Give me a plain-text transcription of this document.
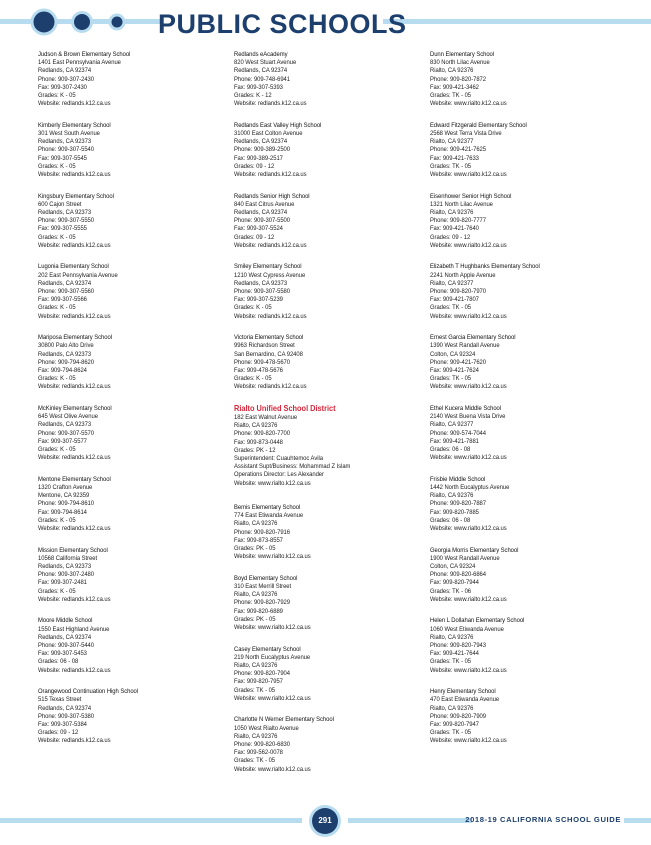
PUBLIC SCHOOLS
Judson & Brown Elementary School
1401 East Pennsylvania Avenue
Redlands, CA 92374
Phone: 909-307-2430
Fax: 909-307-2430
Grades: K - 05
Website: redlands.k12.ca.us
Kimberly Elementary School
301 West South Avenue
Redlands, CA 92373
Phone: 909-307-5540
Fax: 909-307-5545
Grades: K - 05
Website: redlands.k12.ca.us
Kingsbury Elementary School
600 Cajon Street
Redlands, CA 92373
Phone: 909-307-5550
Fax: 909-307-5555
Grades: K - 05
Website: redlands.k12.ca.us
Lugonia Elementary School
202 East Pennsylvania Avenue
Redlands, CA 92374
Phone: 909-307-5560
Fax: 909-307-5566
Grades: K - 05
Website: redlands.k12.ca.us
Mariposa Elementary School
30800 Palo Alto Drive
Redlands, CA 92373
Phone: 909-794-8620
Fax: 909-794-8624
Grades: K - 05
Website: redlands.k12.ca.us
McKinley Elementary School
645 West Olive Avenue
Redlands, CA 92373
Phone: 909-307-5570
Fax: 909-307-5577
Grades: K - 05
Website: redlands.k12.ca.us
Mentone Elementary School
1320 Crafton Avenue
Mentone, CA 92359
Phone: 909-794-8610
Fax: 909-794-8614
Grades: K - 05
Website: redlands.k12.ca.us
Mission Elementary School
10568 California Street
Redlands, CA 92373
Phone: 909-307-2480
Fax: 909-307-2481
Grades: K - 05
Website: redlands.k12.ca.us
Moore Middle School
1550 East Highland Avenue
Redlands, CA 92374
Phone: 909-307-5440
Fax: 909-307-5453
Grades: 06 - 08
Website: redlands.k12.ca.us
Orangewood Continuation High School
515 Texas Street
Redlands, CA 92374
Phone: 909-307-5380
Fax: 909-307-5384
Grades: 09 - 12
Website: redlands.k12.ca.us
Redlands eAcademy
820 West Stuart Avenue
Redlands, CA 92374
Phone: 909-748-6941
Fax: 909-307-5393
Grades: K - 12
Website: redlands.k12.ca.us
Redlands East Valley High School
31000 East Colton Avenue
Redlands, CA 92374
Phone: 909-389-2500
Fax: 909-389-2517
Grades: 09 - 12
Website: redlands.k12.ca.us
Redlands Senior High School
840 East Citrus Avenue
Redlands, CA 92374
Phone: 909-307-5500
Fax: 909-307-5524
Grades: 09 - 12
Website: redlands.k12.ca.us
Smiley Elementary School
1210 West Cypress Avenue
Redlands, CA 92373
Phone: 909-307-5580
Fax: 909-307-5239
Grades: K - 05
Website: redlands.k12.ca.us
Victoria Elementary School
9963 Richardson Street
San Bernardino, CA 92408
Phone: 909-478-5670
Fax: 909-478-5676
Grades: K - 05
Website: redlands.k12.ca.us
Rialto Unified School District
182 East Walnut Avenue
Rialto, CA 92376
Phone: 909-820-7700
Fax: 909-873-0448
Grades: PK - 12
Superintendent: Cuauhtemoc Avila
Assistant Supt/Business: Mohammad Z Islam
Operations Director: Les Alexander
Website: www.rialto.k12.ca.us
Bemis Elementary School
774 East Etiwanda Avenue
Rialto, CA 92376
Phone: 909-820-7916
Fax: 909-873-8557
Grades: PK - 05
Website: www.rialto.k12.ca.us
Boyd Elementary School
310 East Merrill Street
Rialto, CA 92376
Phone: 909-820-7929
Fax: 909-820-6889
Grades: PK - 05
Website: www.rialto.k12.ca.us
Casey Elementary School
219 North Eucalyptus Avenue
Rialto, CA 92376
Phone: 909-820-7904
Fax: 909-820-7957
Grades: TK - 05
Website: www.rialto.k12.ca.us
Charlotte N Werner Elementary School
1050 West Rialto Avenue
Rialto, CA 92376
Phone: 909-820-6830
Fax: 909-562-0078
Grades: TK - 05
Website: www.rialto.k12.ca.us
Dunn Elementary School
830 North Lilac Avenue
Rialto, CA 92376
Phone: 909-820-7872
Fax: 909-421-3462
Grades: TK - 05
Website: www.rialto.k12.ca.us
Edward Fitzgerald Elementary School
2568 West Terra Vista Drive
Rialto, CA 92377
Phone: 909-421-7625
Fax: 909-421-7633
Grades: TK - 05
Website: www.rialto.k12.ca.us
Eisenhower Senior High School
1321 North Lilac Avenue
Rialto, CA 92376
Phone: 909-820-7777
Fax: 909-421-7640
Grades: 09 - 12
Website: www.rialto.k12.ca.us
Elizabeth T Hughbanks Elementary School
2241 North Apple Avenue
Rialto, CA 92377
Phone: 909-820-7970
Fax: 909-421-7807
Grades: TK - 05
Website: www.rialto.k12.ca.us
Ernest Garcia Elementary School
1390 West Randall Avenue
Colton, CA 92324
Phone: 909-421-7620
Fax: 909-421-7624
Grades: TK - 05
Website: www.rialto.k12.ca.us
Ethel Kucera Middle School
2140 West Buena Vista Drive
Rialto, CA 92377
Phone: 909-574-7044
Fax: 909-421-7881
Grades: 06 - 08
Website: www.rialto.k12.ca.us
Frisbie Middle School
1442 North Eucalyptus Avenue
Rialto, CA 92376
Phone: 909-820-7887
Fax: 909-820-7885
Grades: 06 - 08
Website: www.rialto.k12.ca.us
Georgia Morris Elementary School
1900 West Randall Avenue
Colton, CA 92324
Phone: 909-820-6864
Fax: 909-820-7944
Grades: TK - 06
Website: www.rialto.k12.ca.us
Helen L Dollahan Elementary School
1060 West Etiwanda Avenue
Rialto, CA 92376
Phone: 909-820-7943
Fax: 909-421-7644
Grades: TK - 05
Website: www.rialto.k12.ca.us
Henry Elementary School
470 East Etiwanda Avenue
Rialto, CA 92376
Phone: 909-820-7909
Fax: 909-820-7947
Grades: TK - 05
Website: www.rialto.k12.ca.us
291	2018-19 CALIFORNIA SCHOOL GUIDE
